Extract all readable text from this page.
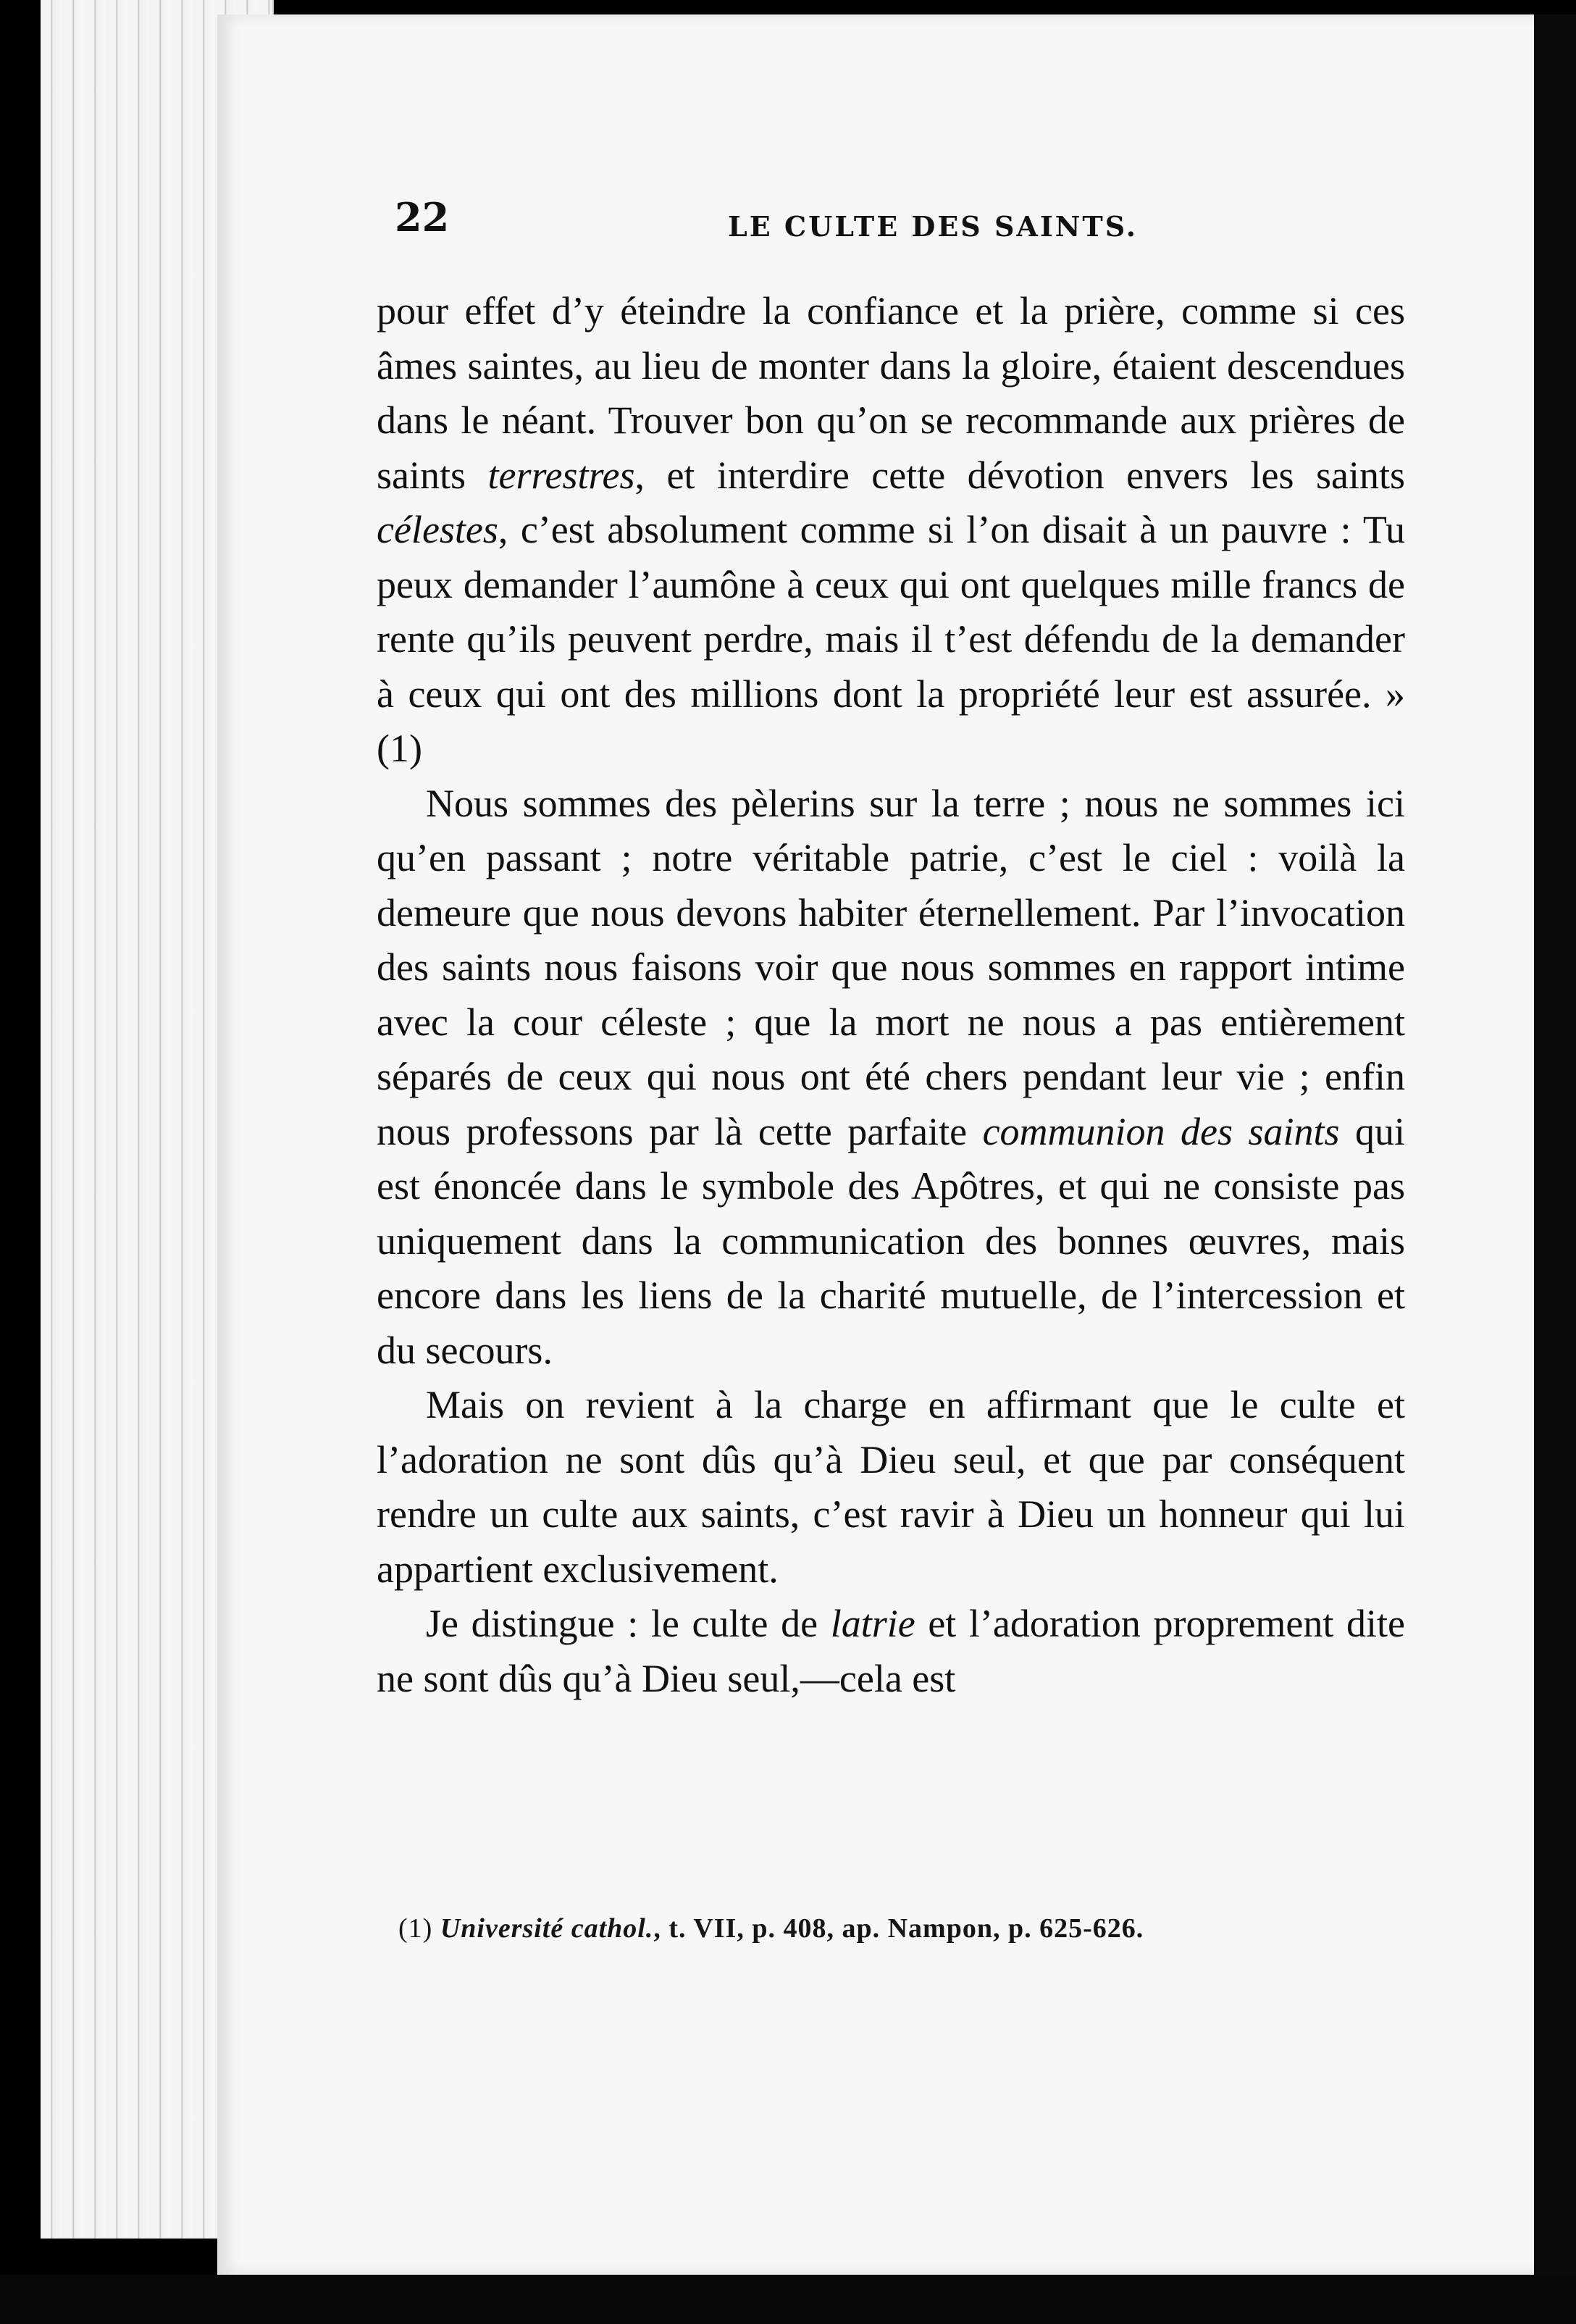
22	LE CULTE DES SAINTS.

pour effet d’y éteindre la confiance et la prière, comme si ces âmes saintes, au lieu de monter dans la gloire, étaient descendues dans le néant. Trouver bon qu’on se recommande aux prières de saints terrestres, et interdire cette dévotion envers les saints célestes, c’est absolument comme si l’on disait à un pauvre : Tu peux demander l’aumône à ceux qui ont quelques mille francs de rente qu’ils peuvent perdre, mais il t’est défendu de la demander à ceux qui ont des millions dont la propriété leur est assurée. » (1)

Nous sommes des pèlerins sur la terre ; nous ne sommes ici qu’en passant ; notre véritable patrie, c’est le ciel : voilà la demeure que nous devons habiter éternellement. Par l’invocation des saints nous faisons voir que nous sommes en rapport intime avec la cour céleste ; que la mort ne nous a pas entièrement séparés de ceux qui nous ont été chers pendant leur vie ; enfin nous professons par là cette parfaite communion des saints qui est énoncée dans le symbole des Apôtres, et qui ne consiste pas uniquement dans la communication des bonnes œuvres, mais encore dans les liens de la charité mutuelle, de l’intercession et du secours.

Mais on revient à la charge en affirmant que le culte et l’adoration ne sont dûs qu’à Dieu seul, et que par conséquent rendre un culte aux saints, c’est ravir à Dieu un honneur qui lui appartient exclusivement.

Je distingue : le culte de latrie et l’adoration proprement dite ne sont dûs qu’à Dieu seul,—cela est

(1) Université cathol., t. VII, p. 408, ap. Nampon, p. 625-626.
